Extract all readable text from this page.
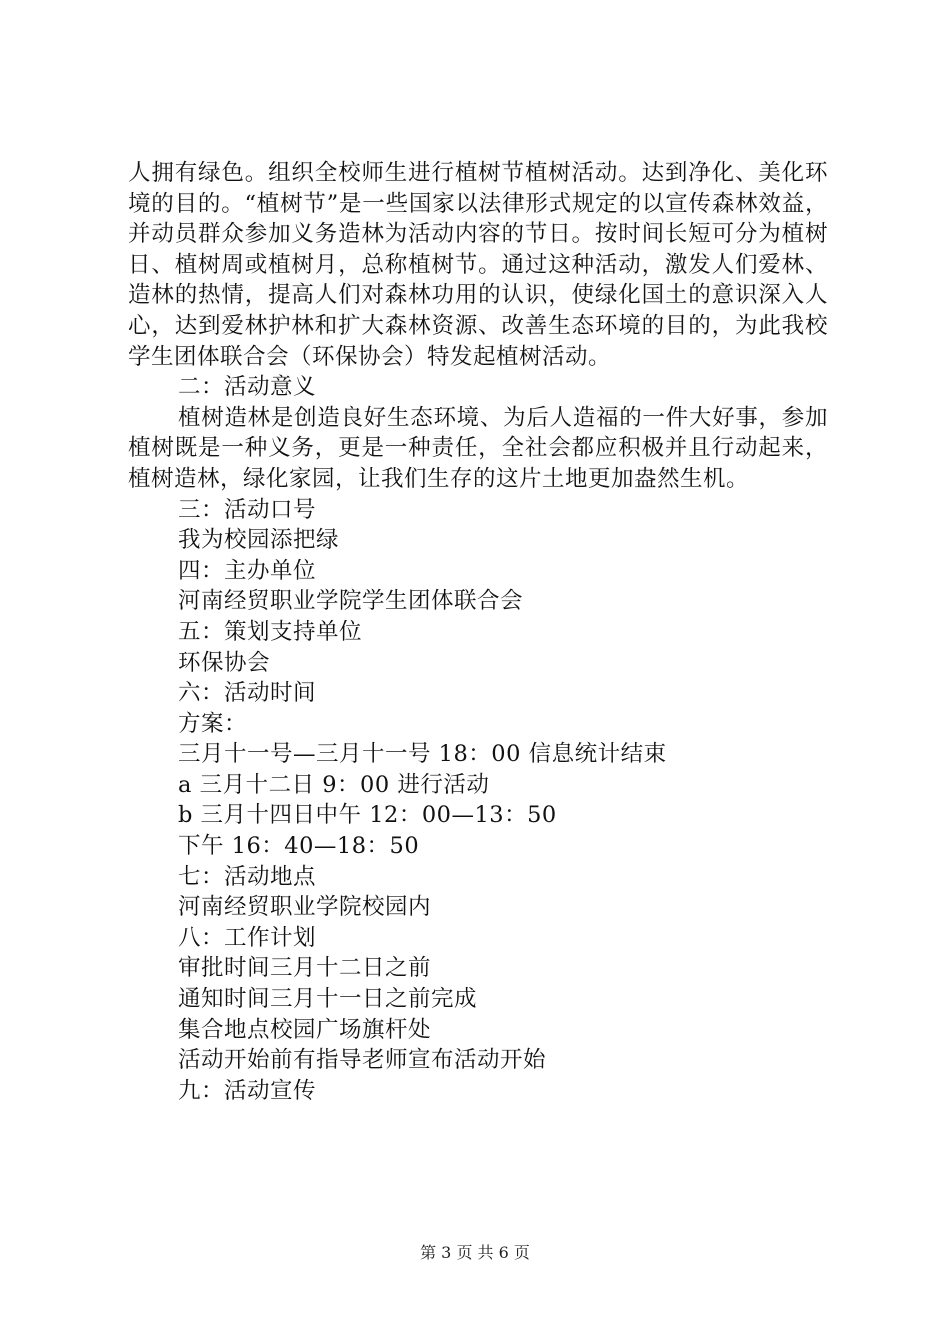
人拥有绿色。组织全校师生进行植树节植树活动。达到净化、美化环境的目的。“植树节”是一些国家以法律形式规定的以宣传森林效益，并动员群众参加义务造林为活动内容的节日。按时间长短可分为植树日、植树周或植树月，总称植树节。通过这种活动，激发人们爱林、造林的热情，提高人们对森林功用的认识，使绿化国土的意识深入人心，达到爱林护林和扩大森林资源、改善生态环境的目的，为此我校学生团体联合会（环保协会）特发起植树活动。

二：活动意义

植树造林是创造良好生态环境、为后人造福的一件大好事，参加植树既是一种义务，更是一种责任，全社会都应积极并且行动起来，植树造林，绿化家园，让我们生存的这片土地更加盎然生机。

三：活动口号

我为校园添把绿

四：主办单位

河南经贸职业学院学生团体联合会

五：策划支持单位

环保协会

六：活动时间

方案：

三月十一号—三月十一号 18：00 信息统计结束

a 三月十二日 9：00 进行活动

b 三月十四日中午 12：00—13：50

下午 16：40—18：50

七：活动地点

河南经贸职业学院校园内

八：工作计划

审批时间三月十二日之前

通知时间三月十一日之前完成

集合地点校园广场旗杆处

活动开始前有指导老师宣布活动开始

九：活动宣传

第 3 页 共 6 页
